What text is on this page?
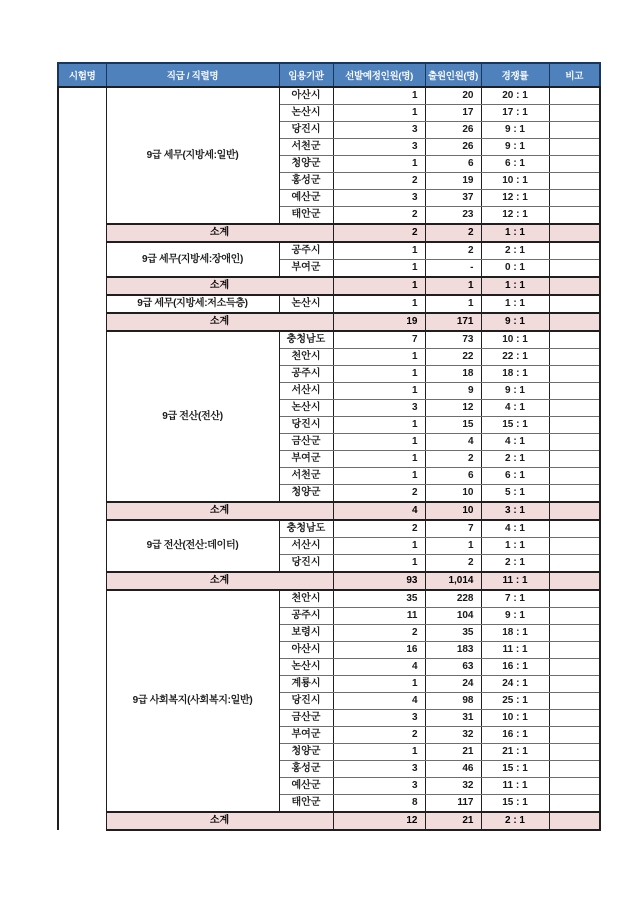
시험명	직급 / 직렬명	임용기관	선발예정인원(명)	출원인원(명)	경쟁률	비고
	9급 세무(지방세:일반)	아산시	1	20	20 : 1	
		논산시	1	17	17 : 1	
		당진시	3	26	9 : 1	
		서천군	3	26	9 : 1	
		청양군	1	6	6 : 1	
		홍성군	2	19	10 : 1	
		예산군	3	37	12 : 1	
		태안군	2	23	12 : 1	
	소계		2	2	1 : 1	
	9급 세무(지방세:장애인)	공주시	1	2	2 : 1	
		부여군	1	-	0 : 1	
	소계		1	1	1 : 1	
	9급 세무(지방세:저소득층)	논산시	1	1	1 : 1	
	소계		19	171	9 : 1	
	9급 전산(전산)	충청남도	7	73	10 : 1	
		천안시	1	22	22 : 1	
		공주시	1	18	18 : 1	
		서산시	1	9	9 : 1	
		논산시	3	12	4 : 1	
		당진시	1	15	15 : 1	
		금산군	1	4	4 : 1	
		부여군	1	2	2 : 1	
		서천군	1	6	6 : 1	
		청양군	2	10	5 : 1	
	소계		4	10	3 : 1	
	9급 전산(전산:데이터)	충청남도	2	7	4 : 1	
		서산시	1	1	1 : 1	
		당진시	1	2	2 : 1	
	소계		93	1,014	11 : 1	
	9급 사회복지(사회복지:일반)	천안시	35	228	7 : 1	
		공주시	11	104	9 : 1	
		보령시	2	35	18 : 1	
		아산시	16	183	11 : 1	
		논산시	4	63	16 : 1	
		계룡시	1	24	24 : 1	
		당진시	4	98	25 : 1	
		금산군	3	31	10 : 1	
		부여군	2	32	16 : 1	
		청양군	1	21	21 : 1	
		홍성군	3	46	15 : 1	
		예산군	3	32	11 : 1	
		태안군	8	117	15 : 1	
	소계		12	21	2 : 1	
